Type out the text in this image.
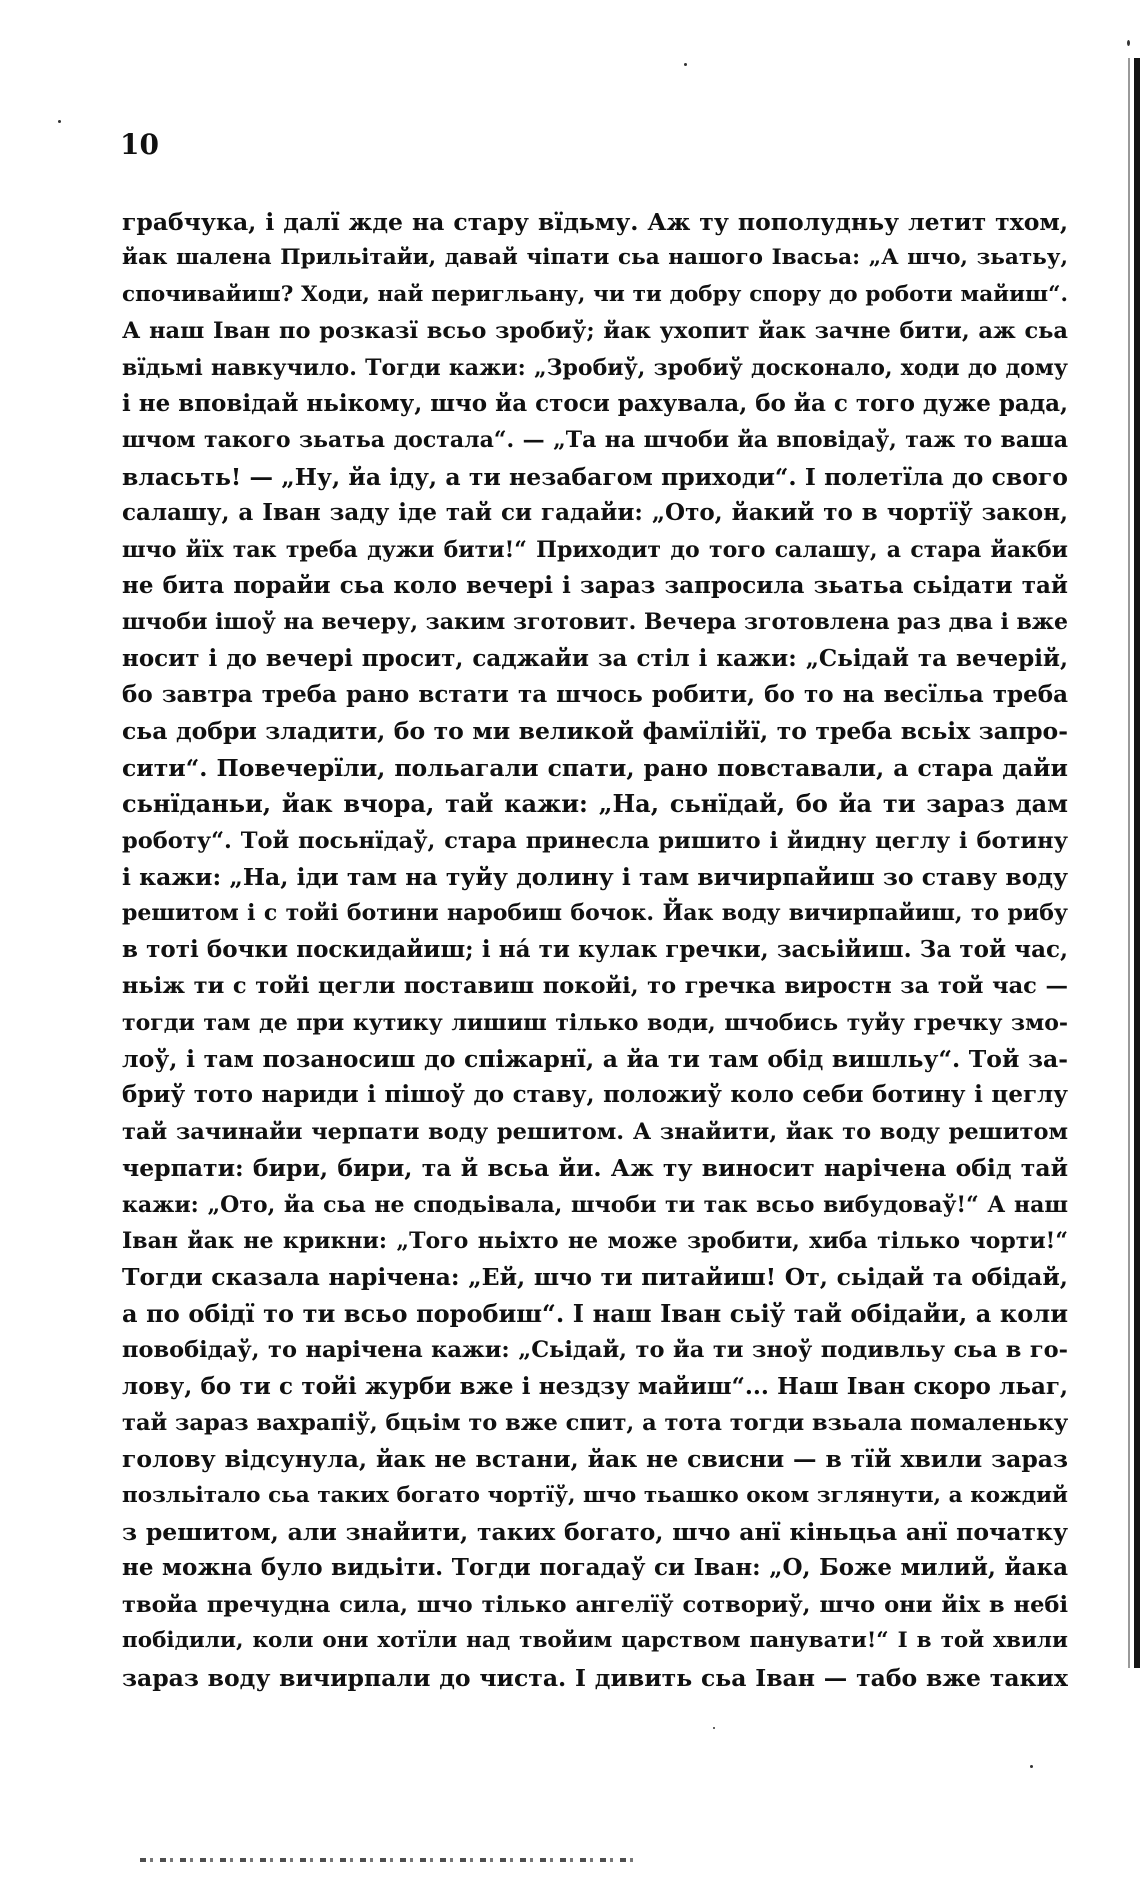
10
грабчука, і далї жде на стару вїдьму. Аж ту пополудньу летит тхом,
йак шалена Прильітайи, давай чіпати сьа нашого Івасьа: „А шчо, зьатьу,
спочивайиш? Ходи, най перигльану, чи ти добру спору до роботи майиш“.
А наш Іван по розказї всьо зробиў; йак ухопит йак зачне бити, аж сьа
вїдьмі навкучило. Тогди кажи: „Зробиў, зробиў досконало, ходи до дому
і не вповідай ньікому, шчо йа стоси рахувала, бо йа с того дуже рада,
шчом такого зьатьа достала“. — „Та на шчоби йа вповідаў, таж то ваша
власьть! — „Ну, йа іду, а ти незабагом приходи“. І полетїла до свого
салашу, а Іван заду іде тай си гадайи: „Ото, йакий то в чортїў закон,
шчо йїх так треба дужи бити!“ Приходит до того салашу, а стара йакби
не бита порайи сьа коло вечері і зараз запросила зьатьа сьідати тай
шчоби ішоў на вечеру, заким зготовит. Вечера зготовлена раз два і вже
носит і до вечері просит, саджайи за стіл і кажи: „Сьідай та вечерій,
бо завтра треба рано встати та шчось робити, бо то на весїльа треба
сьа добри зладити, бо то ми великой фамїлійї, то треба всьіх запро-
сити“. Повечерїли, польагали спати, рано повставали, а стара дайи
сьнїданьи, йак вчора, тай кажи: „На, сьнїдай, бо йа ти зараз дам
роботу“. Той посьнїдаў, стара принесла ришито і йидну цеглу і ботину
і кажи: „На, іди там на туйу долину і там вичирпайиш зо ставу воду
решитом і с тойі ботини наробиш бочок. Йак воду вичирпайиш, то рибу
в тоті бочки поскидайиш; і на́ ти кулак гречки, засьійиш. За той час,
ньіж ти с тойі цегли поставиш покойі, то гречка виростн за той час —
тогди там де при кутику лишиш тілько води, шчобись туйу гречку змо-
лоў, і там позаносиш до спіжарнї, а йа ти там обід вишльу“. Той за-
бриў тото нариди і пішоў до ставу, положиў коло себи ботину і цеглу
тай зачинайи черпати воду решитом. А знайити, йак то воду решитом
черпати: бири, бири, та й всьа йи. Аж ту виносит нарічена обід тай
кажи: „Ото, йа сьа не сподьівала, шчоби ти так всьо вибудоваў!“ А наш
Іван йак не крикни: „Того ньіхто не може зробити, хиба тілько чорти!“
Тогди сказала нарічена: „Ей, шчо ти питайиш! От, сьідай та обідай,
а по обідї то ти всьо поробиш“. І наш Іван сьіў тай обідайи, а коли
повобідаў, то нарічена кажи: „Сьідай, то йа ти зноў подивльу сьа в го-
лову, бо ти с тойі журби вже і нездзу майиш“... Наш Іван скоро льаг,
тай зараз вахрапіў, бцьім то вже спит, а тота тогди взьала помаленьку
голову відсунула, йак не встани, йак не свисни — в тїй хвили зараз
позльітало сьа таких богато чортїў, шчо тьашко оком зглянути, а кождий
з решитом, али знайити, таких богато, шчо анї кіньцьа анї початку
не можна було видьіти. Тогди погадаў си Іван: „О, Боже милий, йака
твойа пречудна сила, шчо тілько ангелїў сотвориў, шчо они йіх в небі
побідили, коли они хотїли над твойим царством панувати!“ І в той хвили
зараз воду вичирпали до чиста. І дивить сьа Іван — табо вже таких
